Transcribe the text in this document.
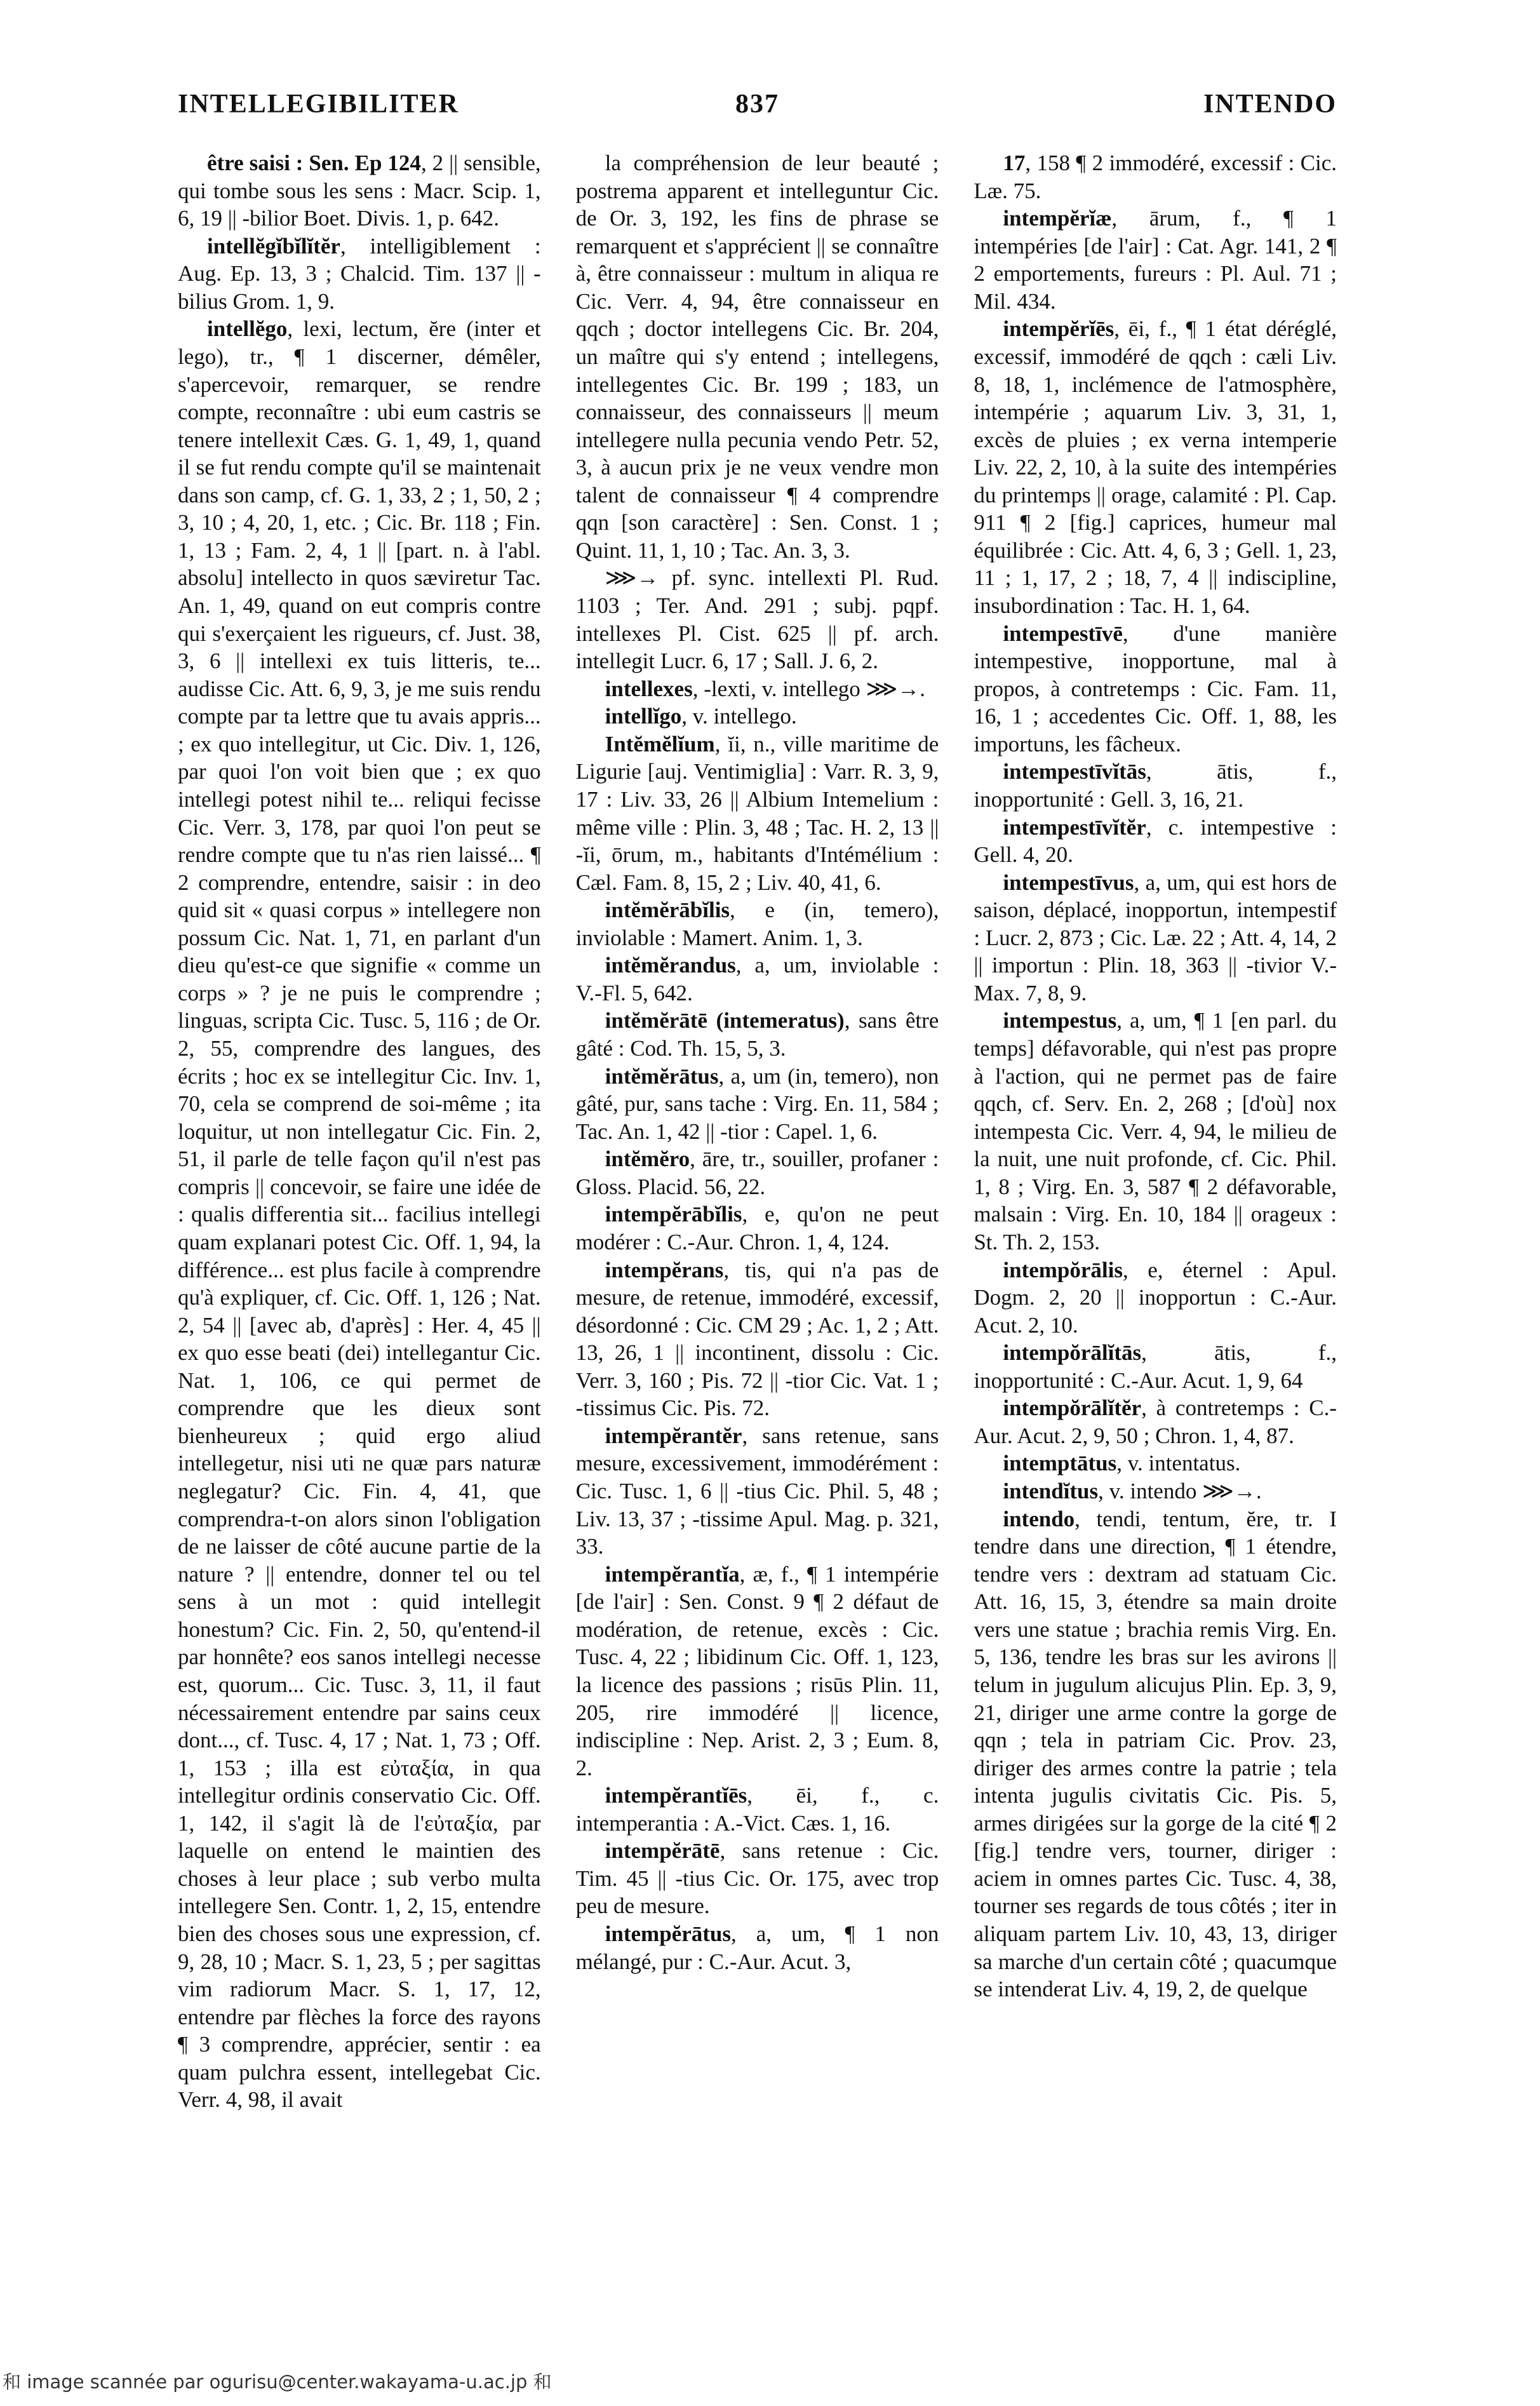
INTELLEGIBILITER	837	INTENDO

être saisi : Sen. Ep 124, 2 || sensible, qui tombe sous les sens : Macr. Scip. 1, 6, 19 || -bilior Boet. Divis. 1, p. 642.

intellĕgĭbĭlĭtĕr, intelligiblement : Aug. Ep. 13, 3 ; Chalcid. Tim. 137 || -bilius Grom. 1, 9.

intellĕgo, lexi, lectum, ĕre (inter et lego), tr., ¶ 1 discerner, démêler, s'apercevoir, remarquer, se rendre compte, reconnaître : ubi eum castris se tenere intellexit Cæs. G. 1, 49, 1, quand il se fut rendu compte qu'il se maintenait dans son camp, cf. G. 1, 33, 2 ; 1, 50, 2 ; 3, 10 ; 4, 20, 1, etc. ; Cic. Br. 118 ; Fin. 1, 13 ; Fam. 2, 4, 1 || [part. n. à l'abl. absolu] intellecto in quos sæviretur Tac. An. 1, 49, quand on eut compris contre qui s'exerçaient les rigueurs, cf. Just. 38, 3, 6 || intellexi ex tuis litteris, te... audisse Cic. Att. 6, 9, 3, je me suis rendu compte par ta lettre que tu avais appris... ; ex quo intellegitur, ut Cic. Div. 1, 126, par quoi l'on voit bien que ; ex quo intellegi potest nihil te... reliqui fecisse Cic. Verr. 3, 178, par quoi l'on peut se rendre compte que tu n'as rien laissé... ¶ 2 comprendre, entendre, saisir : in deo quid sit « quasi corpus » intellegere non possum Cic. Nat. 1, 71, en parlant d'un dieu qu'est-ce que signifie « comme un corps » ? je ne puis le comprendre ; linguas, scripta Cic. Tusc. 5, 116 ; de Or. 2, 55, comprendre des langues, des écrits ; hoc ex se intellegitur Cic. Inv. 1, 70, cela se comprend de soi-même ; ita loquitur, ut non intellegatur Cic. Fin. 2, 51, il parle de telle façon qu'il n'est pas compris || concevoir, se faire une idée de : qualis differentia sit... facilius intellegi quam explanari potest Cic. Off. 1, 94, la différence... est plus facile à comprendre qu'à expliquer, cf. Cic. Off. 1, 126 ; Nat. 2, 54 || [avec ab, d'après] : Her. 4, 45 || ex quo esse beati (dei) intellegantur Cic. Nat. 1, 106, ce qui permet de comprendre que les dieux sont bienheureux ; quid ergo aliud intellegetur, nisi uti ne quæ pars naturæ neglegatur? Cic. Fin. 4, 41, que comprendra-t-on alors sinon l'obligation de ne laisser de côté aucune partie de la nature ? || entendre, donner tel ou tel sens à un mot : quid intellegit honestum? Cic. Fin. 2, 50, qu'entend-il par honnête? eos sanos intellegi necesse est, quorum... Cic. Tusc. 3, 11, il faut nécessairement entendre par sains ceux dont..., cf. Tusc. 4, 17 ; Nat. 1, 73 ; Off. 1, 153 ; illa est εὐταξία, in qua intellegitur ordinis conservatio Cic. Off. 1, 142, il s'agit là de l'εὐταξία, par laquelle on entend le maintien des choses à leur place ; sub verbo multa intellegere Sen. Contr. 1, 2, 15, entendre bien des choses sous une expression, cf. 9, 28, 10 ; Macr. S. 1, 23, 5 ; per sagittas vim radiorum Macr. S. 1, 17, 12, entendre par flèches la force des rayons ¶ 3 comprendre, apprécier, sentir : ea quam pulchra essent, intellegebat Cic. Verr. 4, 98, il avait

la compréhension de leur beauté ; postrema apparent et intelleguntur Cic. de Or. 3, 192, les fins de phrase se remarquent et s'apprécient || se connaître à, être connaisseur : multum in aliqua re Cic. Verr. 4, 94, être connaisseur en qqch ; doctor intellegens Cic. Br. 204, un maître qui s'y entend ; intellegens, intellegentes Cic. Br. 199 ; 183, un connaisseur, des connaisseurs || meum intellegere nulla pecunia vendo Petr. 52, 3, à aucun prix je ne veux vendre mon talent de connaisseur ¶ 4 comprendre qqn [son caractère] : Sen. Const. 1 ; Quint. 11, 1, 10 ; Tac. An. 3, 3.

⋙→ pf. sync. intellexti Pl. Rud. 1103 ; Ter. And. 291 ; subj. pqpf. intellexes Pl. Cist. 625 || pf. arch. intellegit Lucr. 6, 17 ; Sall. J. 6, 2.

intellexes, -lexti, v. intellego ⋙→.

intellĭgo, v. intellego.

Intĕmĕlĭum, ĭi, n., ville maritime de Ligurie [auj. Ventimiglia] : Varr. R. 3, 9, 17 : Liv. 33, 26 || Albium Intemelium : même ville : Plin. 3, 48 ; Tac. H. 2, 13 || -ĭi, ōrum, m., habitants d'Intémélium : Cæl. Fam. 8, 15, 2 ; Liv. 40, 41, 6.

intĕmĕrābĭlis, e (in, temero), inviolable : Mamert. Anim. 1, 3.

intĕmĕrandus, a, um, inviolable : V.-Fl. 5, 642.

intĕmĕrātē (intemeratus), sans être gâté : Cod. Th. 15, 5, 3.

intĕmĕrātus, a, um (in, temero), non gâté, pur, sans tache : Virg. En. 11, 584 ; Tac. An. 1, 42 || -tior : Capel. 1, 6.

intĕmĕro, āre, tr., souiller, profaner : Gloss. Placid. 56, 22.

intempĕrābĭlis, e, qu'on ne peut modérer : C.-Aur. Chron. 1, 4, 124.

intempĕrans, tis, qui n'a pas de mesure, de retenue, immodéré, excessif, désordonné : Cic. CM 29 ; Ac. 1, 2 ; Att. 13, 26, 1 || incontinent, dissolu : Cic. Verr. 3, 160 ; Pis. 72 || -tior Cic. Vat. 1 ; -tissimus Cic. Pis. 72.

intempĕrantĕr, sans retenue, sans mesure, excessivement, immodérément : Cic. Tusc. 1, 6 || -tius Cic. Phil. 5, 48 ; Liv. 13, 37 ; -tissime Apul. Mag. p. 321, 33.

intempĕrantĭa, æ, f., ¶ 1 intempérie [de l'air] : Sen. Const. 9 ¶ 2 défaut de modération, de retenue, excès : Cic. Tusc. 4, 22 ; libidinum Cic. Off. 1, 123, la licence des passions ; risūs Plin. 11, 205, rire immodéré || licence, indiscipline : Nep. Arist. 2, 3 ; Eum. 8, 2.

intempĕrantĭēs, ēi, f., c. intemperantia : A.-Vict. Cæs. 1, 16.

intempĕrātē, sans retenue : Cic. Tim. 45 || -tius Cic. Or. 175, avec trop peu de mesure.

intempĕrātus, a, um, ¶ 1 non mélangé, pur : C.-Aur. Acut. 3,

17, 158 ¶ 2 immodéré, excessif : Cic. Læ. 75.

intempĕrĭæ, ārum, f., ¶ 1 intempéries [de l'air] : Cat. Agr. 141, 2 ¶ 2 emportements, fureurs : Pl. Aul. 71 ; Mil. 434.

intempĕrĭēs, ēi, f., ¶ 1 état déréglé, excessif, immodéré de qqch : cæli Liv. 8, 18, 1, inclémence de l'atmosphère, intempérie ; aquarum Liv. 3, 31, 1, excès de pluies ; ex verna intemperie Liv. 22, 2, 10, à la suite des intempéries du printemps || orage, calamité : Pl. Cap. 911 ¶ 2 [fig.] caprices, humeur mal équilibrée : Cic. Att. 4, 6, 3 ; Gell. 1, 23, 11 ; 1, 17, 2 ; 18, 7, 4 || indiscipline, insubordination : Tac. H. 1, 64.

intempestīvē, d'une manière intempestive, inopportune, mal à propos, à contretemps : Cic. Fam. 11, 16, 1 ; accedentes Cic. Off. 1, 88, les importuns, les fâcheux.

intempestīvĭtās, ātis, f., inopportunité : Gell. 3, 16, 21.

intempestīvĭtĕr, c. intempestive : Gell. 4, 20.

intempestīvus, a, um, qui est hors de saison, déplacé, inopportun, intempestif : Lucr. 2, 873 ; Cic. Læ. 22 ; Att. 4, 14, 2 || importun : Plin. 18, 363 || -tivior V.-Max. 7, 8, 9.

intempestus, a, um, ¶ 1 [en parl. du temps] défavorable, qui n'est pas propre à l'action, qui ne permet pas de faire qqch, cf. Serv. En. 2, 268 ; [d'où] nox intempesta Cic. Verr. 4, 94, le milieu de la nuit, une nuit profonde, cf. Cic. Phil. 1, 8 ; Virg. En. 3, 587 ¶ 2 défavorable, malsain : Virg. En. 10, 184 || orageux : St. Th. 2, 153.

intempŏrālis, e, éternel : Apul. Dogm. 2, 20 || inopportun : C.-Aur. Acut. 2, 10.

intempŏrālĭtās, ātis, f., inopportunité : C.-Aur. Acut. 1, 9, 64

intempŏrālĭtĕr, à contretemps : C.-Aur. Acut. 2, 9, 50 ; Chron. 1, 4, 87.

intemptātus, v. intentatus.

intendĭtus, v. intendo ⋙→.

intendo, tendi, tentum, ĕre, tr. I tendre dans une direction, ¶ 1 étendre, tendre vers : dextram ad statuam Cic. Att. 16, 15, 3, étendre sa main droite vers une statue ; brachia remis Virg. En. 5, 136, tendre les bras sur les avirons || telum in jugulum alicujus Plin. Ep. 3, 9, 21, diriger une arme contre la gorge de qqn ; tela in patriam Cic. Prov. 23, diriger des armes contre la patrie ; tela intenta jugulis civitatis Cic. Pis. 5, armes dirigées sur la gorge de la cité ¶ 2 [fig.] tendre vers, tourner, diriger : aciem in omnes partes Cic. Tusc. 4, 38, tourner ses regards de tous côtés ; iter in aliquam partem Liv. 10, 43, 13, diriger sa marche d'un certain côté ; quacumque se intenderat Liv. 4, 19, 2, de quelque

和 image scannée par ogurisu@center.wakayama-u.ac.jp 和
